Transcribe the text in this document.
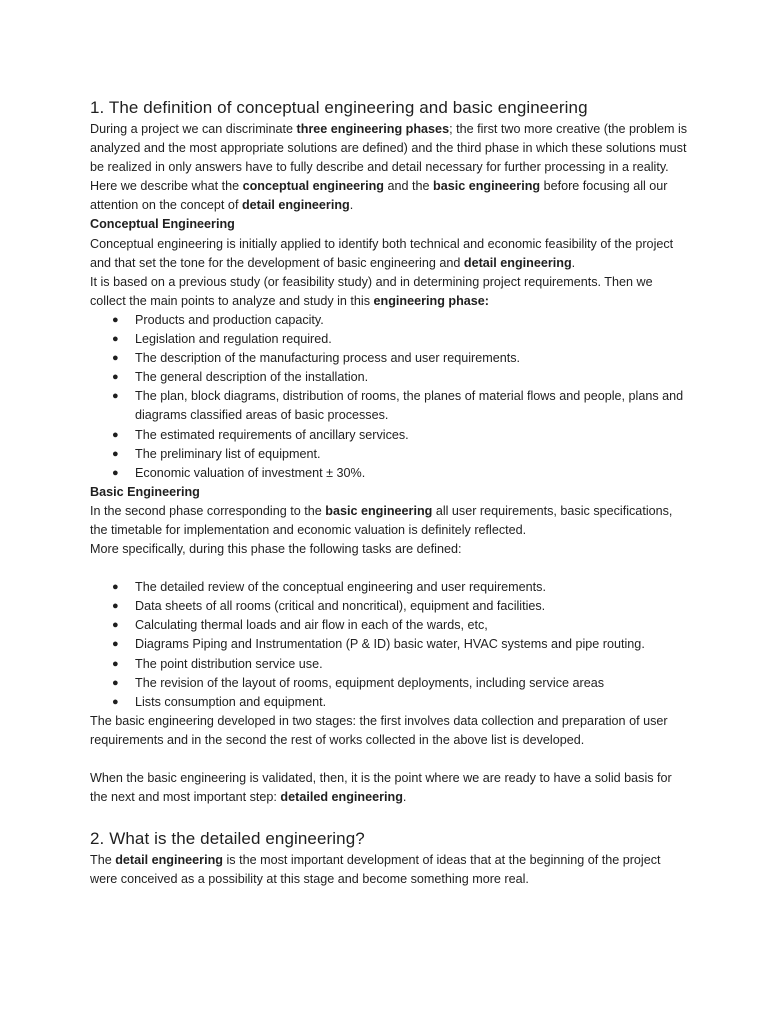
1. The definition of conceptual engineering and basic engineering

During a project we can discriminate three engineering phases; the first two more creative (the problem is analyzed and the most appropriate solutions are defined) and the third phase in which these solutions must be realized in only answers have to fully describe and detail necessary for further processing in a reality.

Here we describe what the conceptual engineering and the basic engineering before focusing all our attention on the concept of detail engineering.

Conceptual Engineering

Conceptual engineering is initially applied to identify both technical and economic feasibility of the project and that set the tone for the development of basic engineering and detail engineering.

It is based on a previous study (or feasibility study) and in determining project requirements. Then we collect the main points to analyze and study in this engineering phase:

● Products and production capacity.
● Legislation and regulation required.
● The description of the manufacturing process and user requirements.
● The general description of the installation.
● The plan, block diagrams, distribution of rooms, the planes of material flows and people, plans and diagrams classified areas of basic processes.
● The estimated requirements of ancillary services.
● The preliminary list of equipment.
● Economic valuation of investment ± 30%.

Basic Engineering

In the second phase corresponding to the basic engineering all user requirements, basic specifications, the timetable for implementation and economic valuation is definitely reflected.

More specifically, during this phase the following tasks are defined:

● The detailed review of the conceptual engineering and user requirements.
● Data sheets of all rooms (critical and noncritical), equipment and facilities.
● Calculating thermal loads and air flow in each of the wards, etc,
● Diagrams Piping and Instrumentation (P & ID) basic water, HVAC systems and pipe routing.
● The point distribution service use.
● The revision of the layout of rooms, equipment deployments, including service areas
● Lists consumption and equipment.

The basic engineering developed in two stages: the first involves data collection and preparation of user requirements and in the second the rest of works collected in the above list is developed.

When the basic engineering is validated, then, it is the point where we are ready to have a solid basis for the next and most important step: detailed engineering.

2. What is the detailed engineering?

The detail engineering is the most important development of ideas that at the beginning of the project were conceived as a possibility at this stage and become something more real.
